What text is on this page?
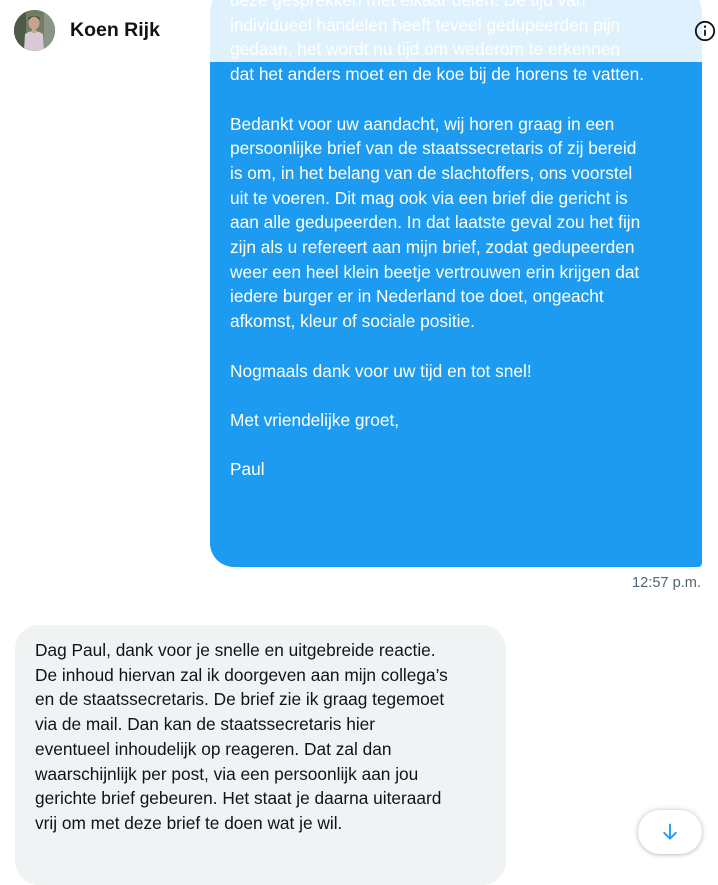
dat het anders moet en de koe bij de horens te vatten.
Bedankt voor uw aandacht, wij horen graag in een
persoonlijke brief van de staatssecretaris of zij bereid
is om, in het belang van de slachtoffers, ons voorstel
uit te voeren. Dit mag ook via een brief die gericht is
aan alle gedupeerden. In dat laatste geval zou het fijn
zijn als u refereert aan mijn brief, zodat gedupeerden
weer een heel klein beetje vertrouwen erin krijgen dat
iedere burger er in Nederland toe doet, ongeacht
afkomst, kleur of sociale positie.
Nogmaals dank voor uw tijd en tot snel!
Met vriendelijke groet,
Paul
12:57 p.m.
Dag Paul, dank voor je snelle en uitgebreide reactie.
De inhoud hiervan zal ik doorgeven aan mijn collega’s
en de staatssecretaris. De brief zie ik graag tegemoet
via de mail. Dan kan de staatssecretaris hier
eventueel inhoudelijk op reageren. Dat zal dan
waarschijnlijk per post, via een persoonlijk aan jou
gerichte brief gebeuren. Het staat je daarna uiteraard
vrij om met deze brief te doen wat je wil.
Koen Rijk
